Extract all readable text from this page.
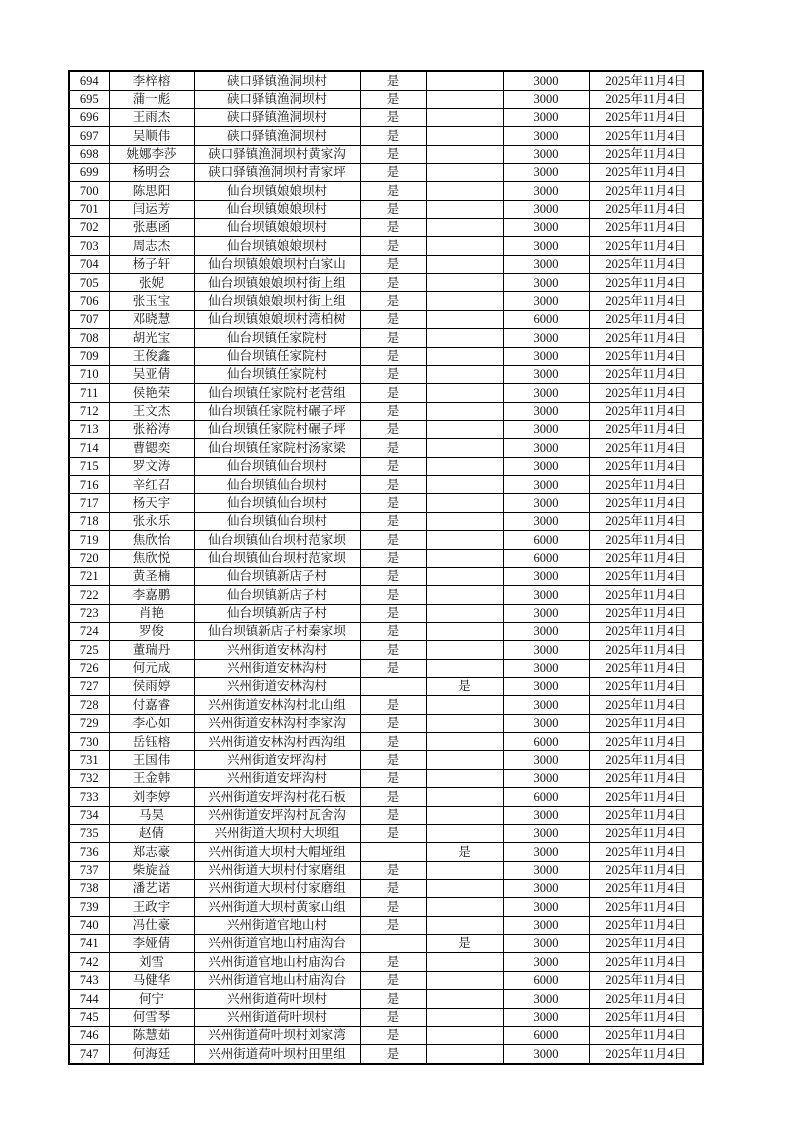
694	李梓榕	硖口驿镇渔洞坝村	是		3000	2025年11月4日
695	蒲一彪	硖口驿镇渔洞坝村	是		3000	2025年11月4日
696	王雨杰	硖口驿镇渔洞坝村	是		3000	2025年11月4日
697	吴顺伟	硖口驿镇渔洞坝村	是		3000	2025年11月4日
698	姚娜李莎	硖口驿镇渔洞坝村黄家沟	是		3000	2025年11月4日
699	杨明会	硖口驿镇渔洞坝村青家坪	是		3000	2025年11月4日
700	陈思阳	仙台坝镇娘娘坝村	是		3000	2025年11月4日
701	闫运芳	仙台坝镇娘娘坝村	是		3000	2025年11月4日
702	张惠函	仙台坝镇娘娘坝村	是		3000	2025年11月4日
703	周志杰	仙台坝镇娘娘坝村	是		3000	2025年11月4日
704	杨子轩	仙台坝镇娘娘坝村白家山	是		3000	2025年11月4日
705	张妮	仙台坝镇娘娘坝村街上组	是		3000	2025年11月4日
706	张玉宝	仙台坝镇娘娘坝村街上组	是		3000	2025年11月4日
707	邓晓慧	仙台坝镇娘娘坝村湾柏树	是		6000	2025年11月4日
708	胡光宝	仙台坝镇任家院村	是		3000	2025年11月4日
709	王俊鑫	仙台坝镇任家院村	是		3000	2025年11月4日
710	吴亚倩	仙台坝镇任家院村	是		3000	2025年11月4日
711	侯艳荣	仙台坝镇任家院村老营组	是		3000	2025年11月4日
712	王文杰	仙台坝镇任家院村碾子坪	是		3000	2025年11月4日
713	张裕涛	仙台坝镇任家院村碾子坪	是		3000	2025年11月4日
714	曹锶奕	仙台坝镇任家院村汤家梁	是		3000	2025年11月4日
715	罗文涛	仙台坝镇仙台坝村	是		3000	2025年11月4日
716	辛红召	仙台坝镇仙台坝村	是		3000	2025年11月4日
717	杨天宇	仙台坝镇仙台坝村	是		3000	2025年11月4日
718	张永乐	仙台坝镇仙台坝村	是		3000	2025年11月4日
719	焦欣怡	仙台坝镇仙台坝村范家坝	是		6000	2025年11月4日
720	焦欣悦	仙台坝镇仙台坝村范家坝	是		6000	2025年11月4日
721	黄圣楠	仙台坝镇新店子村	是		3000	2025年11月4日
722	李嘉鹏	仙台坝镇新店子村	是		3000	2025年11月4日
723	肖艳	仙台坝镇新店子村	是		3000	2025年11月4日
724	罗俊	仙台坝镇新店子村秦家坝	是		3000	2025年11月4日
725	董瑞丹	兴州街道安林沟村	是		3000	2025年11月4日
726	何元成	兴州街道安林沟村	是		3000	2025年11月4日
727	侯雨婷	兴州街道安林沟村		是	3000	2025年11月4日
728	付嘉睿	兴州街道安林沟村北山组	是		3000	2025年11月4日
729	李心如	兴州街道安林沟村李家沟	是		3000	2025年11月4日
730	岳钰榕	兴州街道安林沟村西沟组	是		6000	2025年11月4日
731	王国伟	兴州街道安坪沟村	是		3000	2025年11月4日
732	王金韩	兴州街道安坪沟村	是		3000	2025年11月4日
733	刘李婷	兴州街道安坪沟村花石板	是		6000	2025年11月4日
734	马昊	兴州街道安坪沟村瓦舍沟	是		3000	2025年11月4日
735	赵倩	兴州街道大坝村大坝组	是		3000	2025年11月4日
736	郑志豪	兴州街道大坝村大帽垭组		是	3000	2025年11月4日
737	柴旋益	兴州街道大坝村付家磨组	是		3000	2025年11月4日
738	潘艺诺	兴州街道大坝村付家磨组	是		3000	2025年11月4日
739	王政宇	兴州街道大坝村黄家山组	是		3000	2025年11月4日
740	冯仕豪	兴州街道官地山村	是		3000	2025年11月4日
741	李娅倩	兴州街道官地山村庙沟台		是	3000	2025年11月4日
742	刘雪	兴州街道官地山村庙沟台	是		3000	2025年11月4日
743	马健华	兴州街道官地山村庙沟台	是		6000	2025年11月4日
744	何宁	兴州街道荷叶坝村	是		3000	2025年11月4日
745	何雪琴	兴州街道荷叶坝村	是		3000	2025年11月4日
746	陈慧茹	兴州街道荷叶坝村刘家湾	是		6000	2025年11月4日
747	何海廷	兴州街道荷叶坝村田里组	是		3000	2025年11月4日
